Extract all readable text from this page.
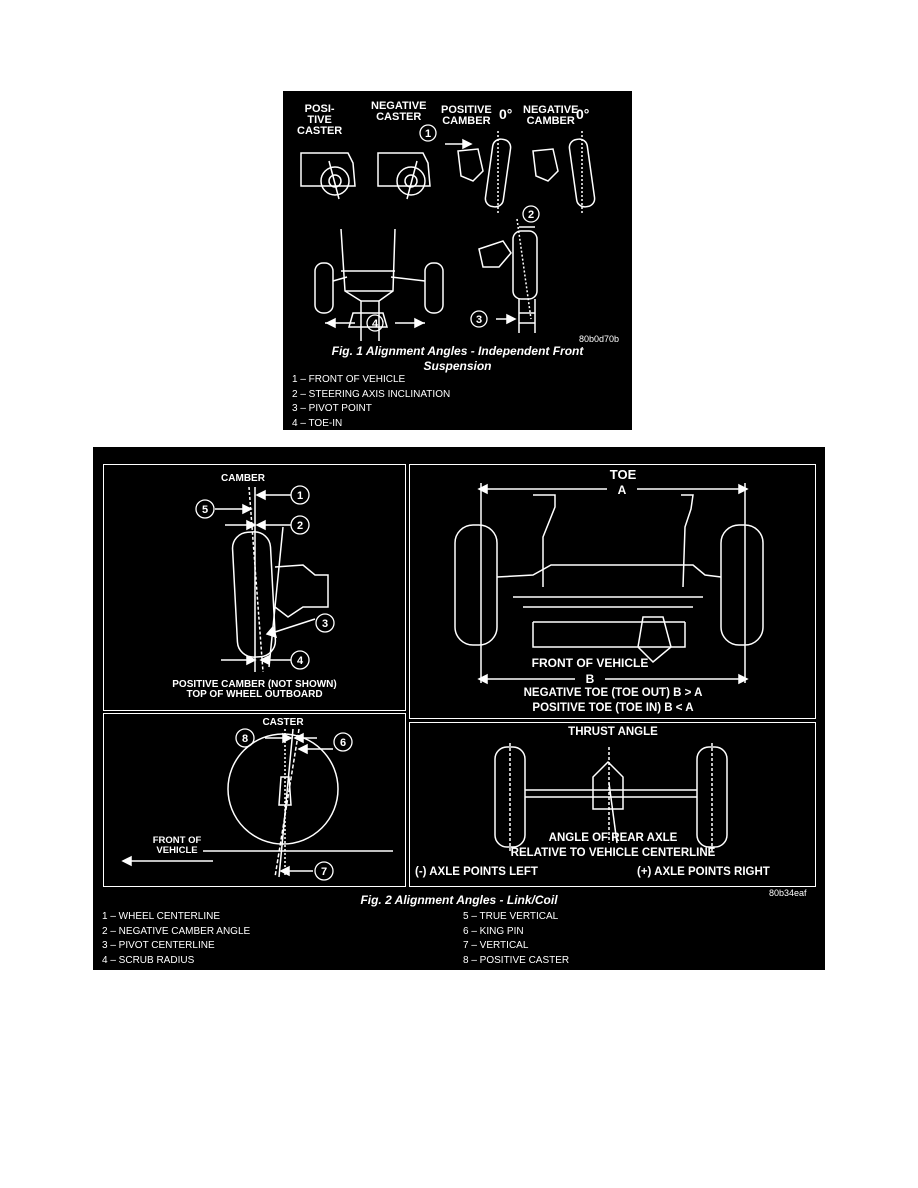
1
2
3
4
POSI-
TIVE
CASTER
NEGATIVE
CASTER
POSITIVE
CAMBER 0° NEGATIVE
CAMBER 0°
80b0d70b
Fig. 1 Alignment Angles - Independent Front
Suspension
1 – FRONT OF VEHICLE
2 – STEERING AXIS INCLINATION
3 – PIVOT POINT
4 – TOE-IN
1
5
2
3
4
8	6
7
CAMBER
POSITIVE CAMBER (NOT SHOWN)
TOP OF WHEEL OUTBOARD
TOE
A
FRONT OF VEHICLE
B
NEGATIVE TOE (TOE OUT) B > A
POSITIVE TOE (TOE IN) B < A
CASTER
FRONT OF
VEHICLE
THRUST ANGLE
ANGLE OF REAR AXLE
RELATIVE TO VEHICLE CENTERLINE
(-) AXLE POINTS LEFT	(+) AXLE POINTS RIGHT
80b34eaf
Fig. 2 Alignment Angles - Link/Coil
1 – WHEEL CENTERLINE
2 – NEGATIVE CAMBER ANGLE
3 – PIVOT CENTERLINE
4 – SCRUB RADIUS
5 – TRUE VERTICAL
6 – KING PIN
7 – VERTICAL
8 – POSITIVE CASTER
